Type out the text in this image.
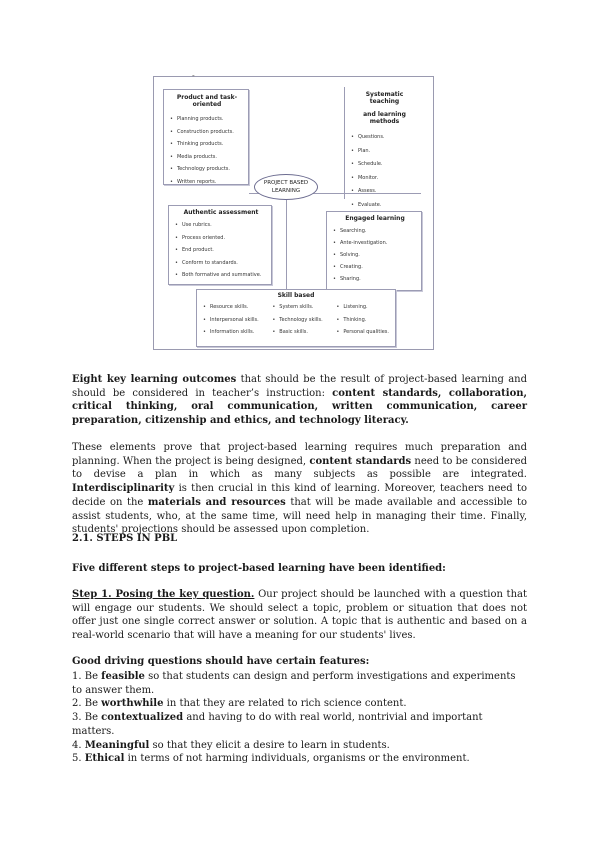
-
Product and task-oriented
• Planning products.
• Construction products.
• Thinking products.
• Media products.
• Technology products.
• Written reports.
Systematic teaching
and learning
methods
• Questions.
• Plan.
• Schedule.
• Monitor.
• Assess.
• Evaluate.
PROJECT BASED
LEARNING
Authentic assessment
• Use rubrics.
• Process oriented.
• End product.
• Conform to standards.
• Both formative and summative.
Engaged learning
• Searching.
• Ante-investigation.
• Solving.
• Creating.
• Sharing.
Skill based
• Resource skills.
• Interpersonal skills.
• Information skills.
• System skills.
• Technology skills.
• Basic skills.
• Listening.
• Thinking.
• Personal qualities.

Eight key learning outcomes that should be the result of project-based learning and should be considered in teacher’s instruction: content standards, collaboration, critical thinking, oral communication, written communication, career preparation, citizenship and ethics, and technology literacy.

These elements prove that project-based learning requires much preparation and planning. When the project is being designed, content standards need to be considered to devise a plan in which as many subjects as possible are integrated. Interdisciplinarity is then crucial in this kind of learning. Moreover, teachers need to decide on the materials and resources that will be made available and accessible to assist students, who, at the same time, will need help in managing their time. Finally, students' projections should be assessed upon completion.

2.1. STEPS IN PBL

Five different steps to project-based learning have been identified:

Step 1. Posing the key question. Our project should be launched with a question that will engage our students. We should select a topic, problem or situation that does not offer just one single correct answer or solution. A topic that is authentic and based on a real-world scenario that will have a meaning for our students' lives.

Good driving questions should have certain features:

1. Be feasible so that students can design and perform investigations and experiments to answer them.
2. Be worthwhile in that they are related to rich science content.
3. Be contextualized and having to do with real world, nontrivial and important matters.
4. Meaningful so that they elicit a desire to learn in students.
5. Ethical in terms of not harming individuals, organisms or the environment.
